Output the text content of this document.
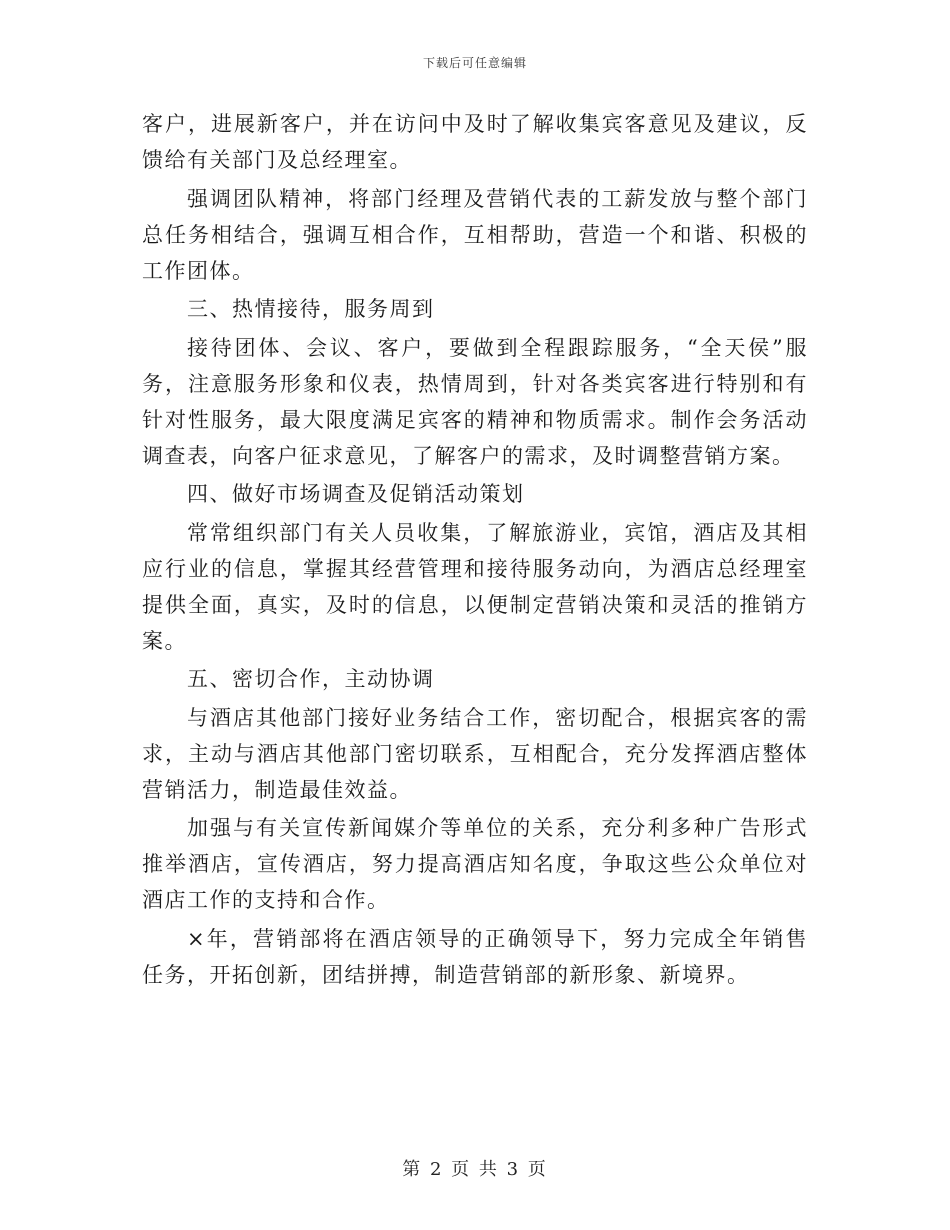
下载后可任意编辑

客户，进展新客户，并在访问中及时了解收集宾客意见及建议，反馈给有关部门及总经理室。

强调团队精神，将部门经理及营销代表的工薪发放与整个部门总任务相结合，强调互相合作，互相帮助，营造一个和谐、积极的工作团体。

三、热情接待，服务周到

接待团体、会议、客户，要做到全程跟踪服务，“全天侯”服务，注意服务形象和仪表，热情周到，针对各类宾客进行特别和有针对性服务，最大限度满足宾客的精神和物质需求。制作会务活动调查表，向客户征求意见，了解客户的需求，及时调整营销方案。

四、做好市场调查及促销活动策划

常常组织部门有关人员收集，了解旅游业，宾馆，酒店及其相应行业的信息，掌握其经营管理和接待服务动向，为酒店总经理室提供全面，真实，及时的信息，以便制定营销决策和灵活的推销方案。

五、密切合作，主动协调

与酒店其他部门接好业务结合工作，密切配合，根据宾客的需求，主动与酒店其他部门密切联系，互相配合，充分发挥酒店整体营销活力，制造最佳效益。

加强与有关宣传新闻媒介等单位的关系，充分利多种广告形式推举酒店，宣传酒店，努力提高酒店知名度，争取这些公众单位对酒店工作的支持和合作。

×年，营销部将在酒店领导的正确领导下，努力完成全年销售任务，开拓创新，团结拼搏，制造营销部的新形象、新境界。

第 2 页 共 3 页
